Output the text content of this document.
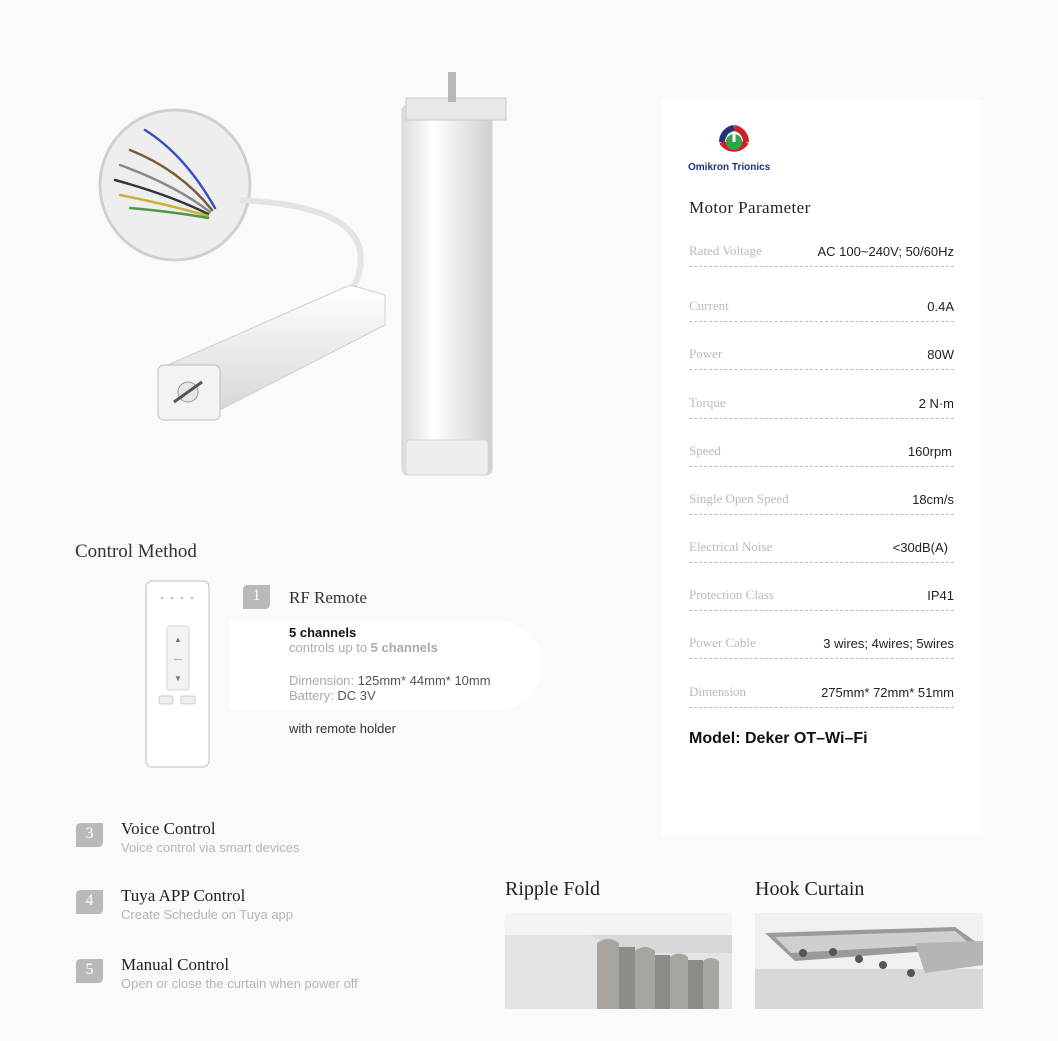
Omikron Trionics
Motor Parameter
Rated Voltage	AC 100~240V; 50/60Hz
Current	0.4A
Power	80W
Torque	2 N·m
Speed	160rpm
Single Open Speed	18cm/s
Electrical Noise	<30dB(A)
Protection Class	IP41
Power Cable	3 wires; 4wires; 5wires
Dimension	275mm* 72mm* 51mm
Model: Deker OT–Wi–Fi
Control Method
▲
—
▼
1	RF Remote
5 channels
controls up to 5 channels
Dimension: 125mm* 44mm* 10mm
Battery: DC 3V
with remote holder
3	Voice Control
Voice control via smart devices
4	Tuya APP Control
Create Schedule on Tuya app
5	Manual Control
Open or close the curtain when power off
Ripple Fold	Hook Curtain
